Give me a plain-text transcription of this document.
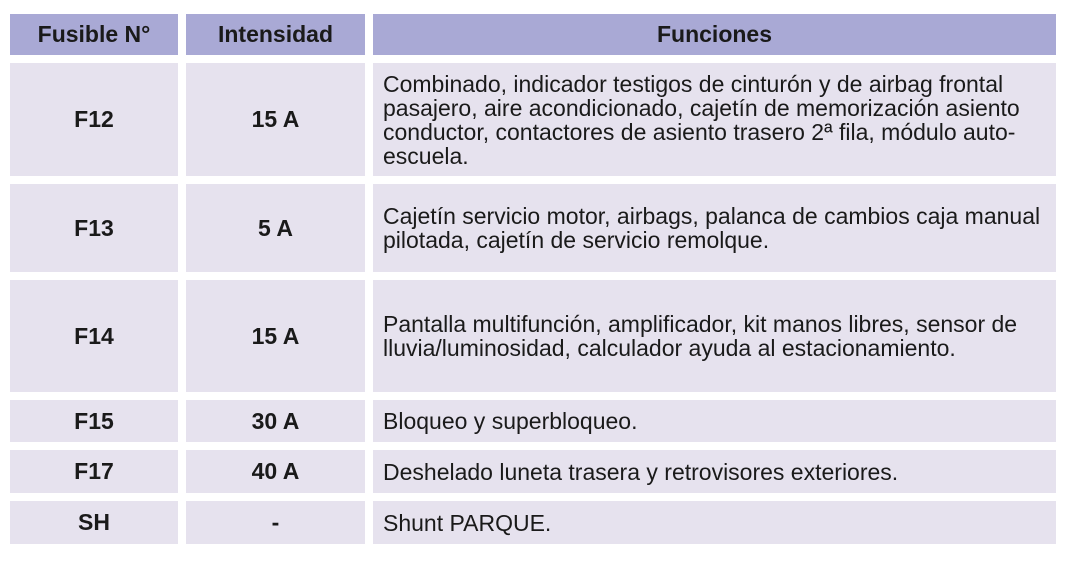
Fusible N°	Intensidad	Funciones
F12	15 A	Combinado, indicador testigos de cinturón y de airbag frontal pasajero, aire acondicionado, cajetín de memorización asiento conductor, contactores de asiento trasero 2ª fila, módulo auto-escuela.
F13	5 A	Cajetín servicio motor, airbags, palanca de cambios caja manual pilotada, cajetín de servicio remolque.
F14	15 A	Pantalla multifunción, amplificador, kit manos libres, sensor de lluvia/luminosidad, calculador ayuda al estacionamiento.
F15	30 A	Bloqueo y superbloqueo.
F17	40 A	Deshelado luneta trasera y retrovisores exteriores.
SH	-	Shunt PARQUE.
